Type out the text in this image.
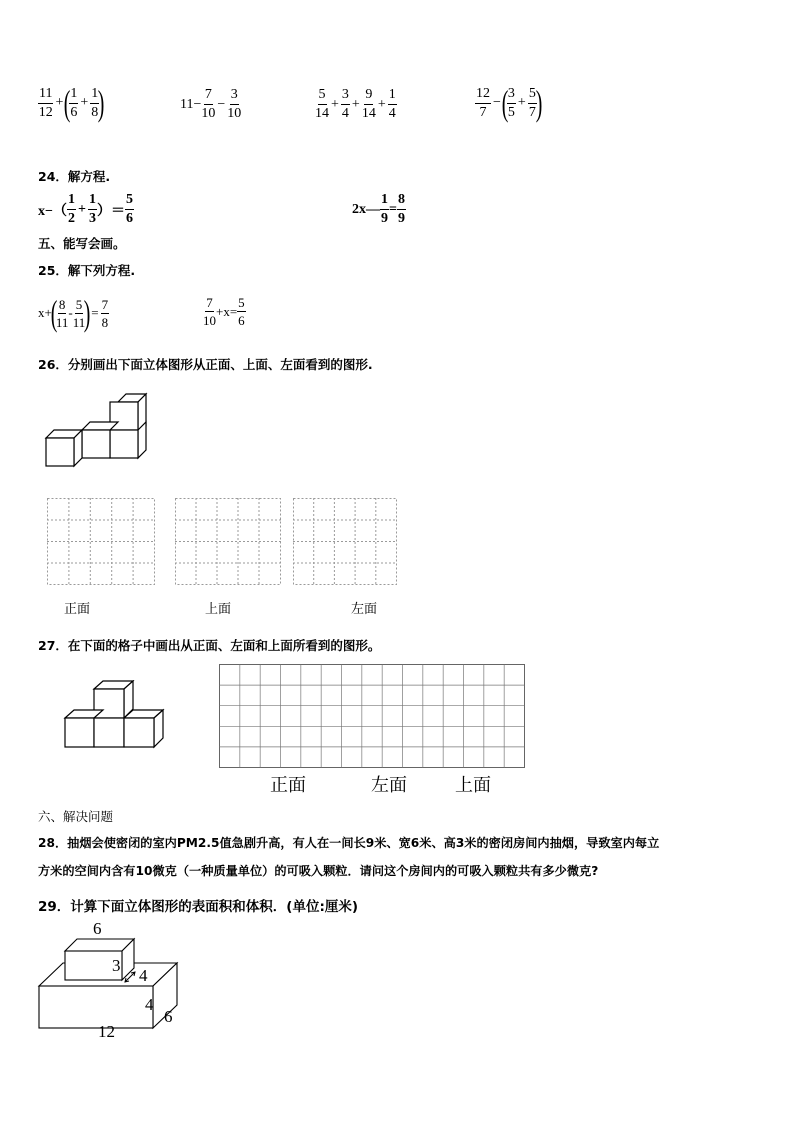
$\frac{11}{12}$ + (
$\frac{1}{6} + \frac{1}{8}$
)	$11- \frac{7}{10} - \frac{3}{10}$	$\frac{5}{14} + \frac{3}{4} + \frac{9}{14} + \frac{1}{4}$	$\frac{12}{7}$ − (
$\frac{3}{5} + \frac{5}{7}$
)
24．解方程.
$x-( \frac{1}{2} + \frac{1}{3}$ ）＝ $\frac{5}{6}$	2x— $\frac{1}{9} = \frac{8}{9}$
五、能写会画。
25．解下列方程.
x+
(
$\frac{8}{11} - \frac{5}{11}$
) = $\frac{7}{8}$	$\frac{7}{10} +x= \frac{5}{6}$
26．分别画出下面立体图形从正面、上面、左面看到的图形.
正面	上面	左面
27．在下面的格子中画出从正面、左面和上面所看到的图形。
正面	左面	上面
六、解决问题
28．抽烟会使密闭的室内PM2.5值急剧升高，有人在一间长9米、宽6米、高3米的密闭房间内抽烟，导致室内每立
方米的空间内含有10微克（一种质量单位）的可吸入颗粒．请问这个房间内的可吸入颗粒共有多少微克?
29．计算下面立体图形的表面积和体积．(单位:厘米)
6
3
4
4
6
12
